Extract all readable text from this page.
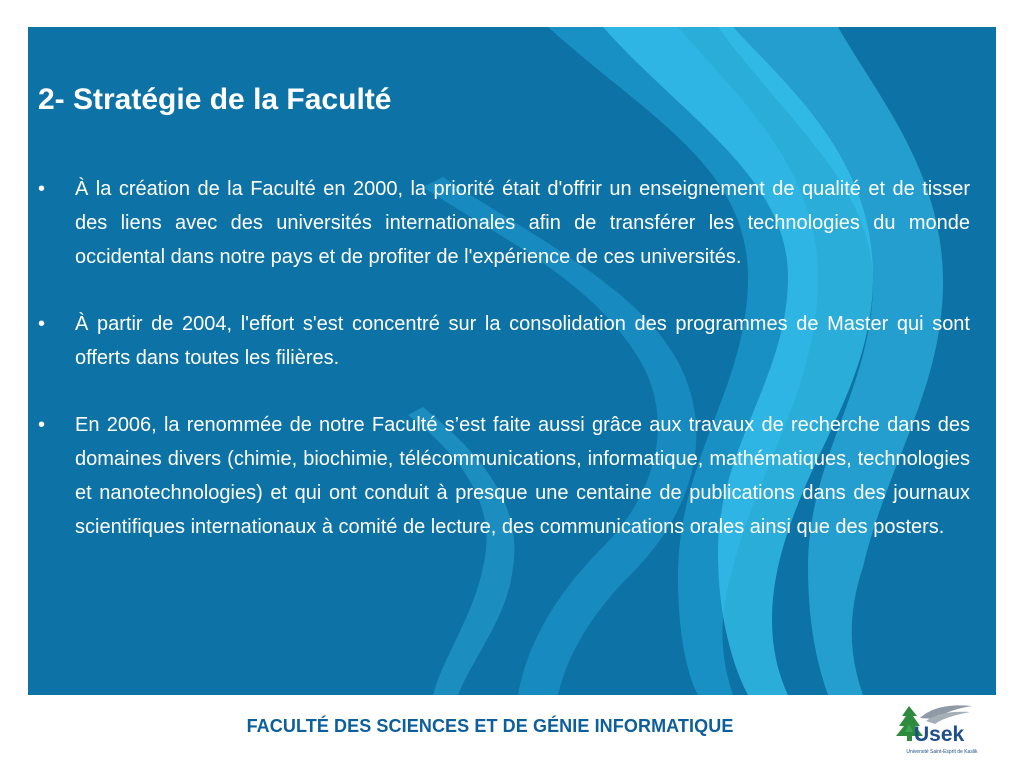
2- Stratégie de la Faculté
• À la création de la Faculté en 2000, la priorité était d'offrir un enseignement de qualité et de tisser des liens avec des universités internationales afin de transférer les technologies du monde occidental dans notre pays et de profiter de l'expérience de ces universités.
• À partir de 2004, l'effort s'est concentré sur la consolidation des programmes de Master qui sont offerts dans toutes les filières.
• En 2006, la renommée de notre Faculté s’est faite aussi grâce aux travaux de recherche dans des domaines divers (chimie, biochimie, télécommunications, informatique, mathématiques, technologies et nanotechnologies) et qui ont conduit à presque une centaine de publications dans des journaux scientifiques internationaux à comité de lecture, des communications orales ainsi que des posters.
FACULTÉ DES SCIENCES ET DE GÉNIE INFORMATIQUE	Usek
Université Saint-Esprit de Kaslik
